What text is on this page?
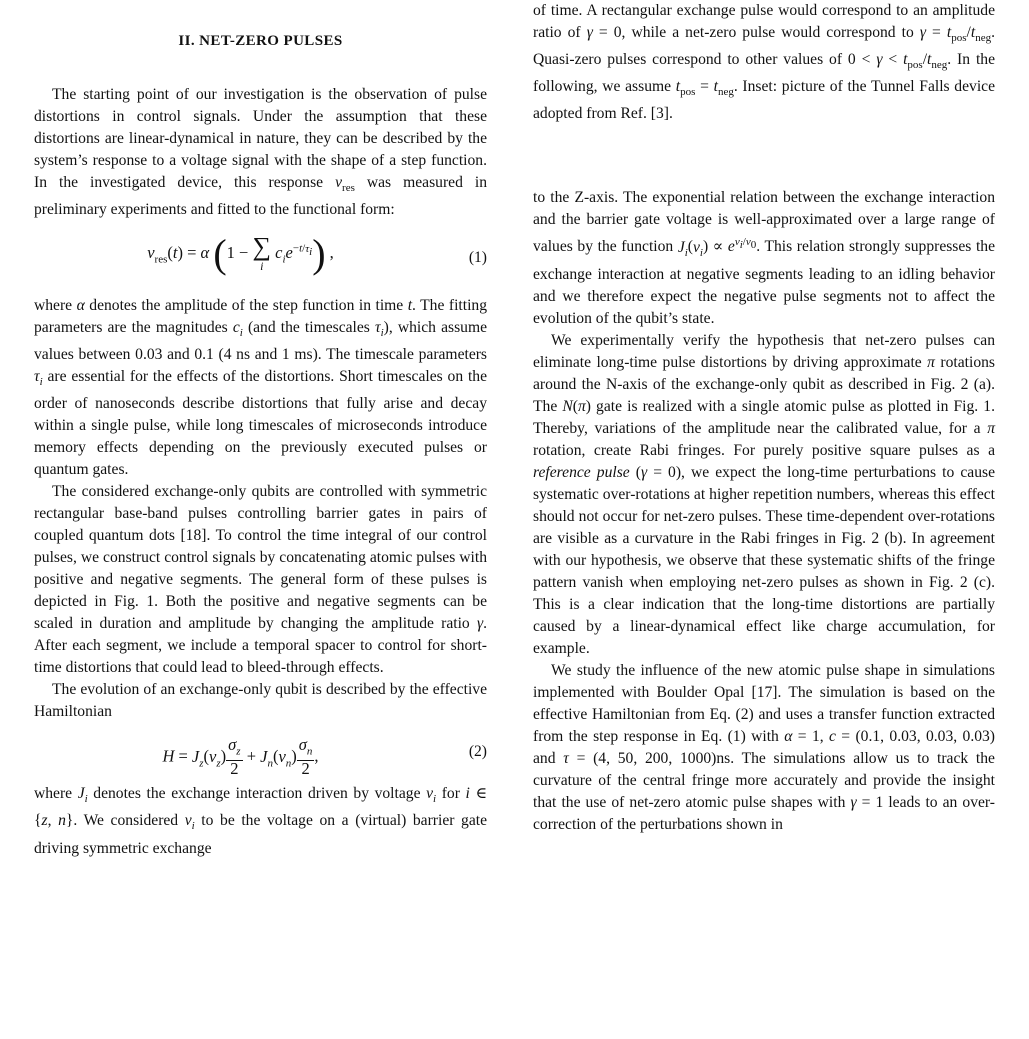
II. NET-ZERO PULSES

The starting point of our investigation is the observation of pulse distortions in control signals. Under the assumption that these distortions are linear-dynamical in nature, they can be described by the system’s response to a voltage signal with the shape of a step function. In the investigated device, this response $v_{res}$ was measured in preliminary experiments and fitted to the functional form:

$v_{res}(t) = \alpha$ (1 − ∑
i
$c_ie^{-t/\tau_i}$) ,	(1)

where α denotes the amplitude of the step function in time t. The fitting parameters are the magnitudes $c_i$ (and the timescales $\tau_i$), which assume values between 0.03 and 0.1 (4 ns and 1 ms). The timescale parameters $\tau_i$ are essential for the effects of the distortions. Short timescales on the order of nanoseconds describe distortions that fully arise and decay within a single pulse, while long timescales of microseconds introduce memory effects depending on the previously executed pulses or quantum gates.

The considered exchange-only qubits are controlled with symmetric rectangular base-band pulses controlling barrier gates in pairs of coupled quantum dots [18]. To control the time integral of our control pulses, we construct control signals by concatenating atomic pulses with positive and negative segments. The general form of these pulses is depicted in Fig. 1. Both the positive and negative segments can be scaled in duration and amplitude by changing the amplitude ratio γ. After each segment, we include a temporal spacer to control for short-time distortions that could lead to bleed-through effects.

The evolution of an exchange-only qubit is described by the effective Hamiltonian

$H = J_z(v_z) \frac{\sigma_z}{2} + J_n(v_n) \frac{\sigma_n}{2}$ ,	(2)

where $J_i$ denotes the exchange interaction driven by voltage $v_i$ for i ∈ {z, n}. We considered $v_i$ to be the voltage on a (virtual) barrier gate driving symmetric exchange

of time. A rectangular exchange pulse would correspond to an amplitude ratio of γ = 0, while a net-zero pulse would correspond to $\gamma = t_{pos}/t_{neg}$. Quasi-zero pulses correspond to other values of $0 < \gamma < t_{pos}/t_{neg}$. In the following, we assume $t_{pos} = t_{neg}$. Inset: picture of the Tunnel Falls device adopted from Ref. [3].

to the Z-axis. The exponential relation between the exchange interaction and the barrier gate voltage is well-approximated over a large range of values by the function $J_i(v_i) \propto e^{v_i/v_0}$. This relation strongly suppresses the exchange interaction at negative segments leading to an idling behavior and we therefore expect the negative pulse segments not to affect the evolution of the qubit’s state.

We experimentally verify the hypothesis that net-zero pulses can eliminate long-time pulse distortions by driving approximate π rotations around the N-axis of the exchange-only qubit as described in Fig. 2 (a). The N(π) gate is realized with a single atomic pulse as plotted in Fig. 1. Thereby, variations of the amplitude near the calibrated value, for a π rotation, create Rabi fringes. For purely positive square pulses as a reference pulse (γ = 0), we expect the long-time perturbations to cause systematic over-rotations at higher repetition numbers, whereas this effect should not occur for net-zero pulses. These time-dependent over-rotations are visible as a curvature in the Rabi fringes in Fig. 2 (b). In agreement with our hypothesis, we observe that these systematic shifts of the fringe pattern vanish when employing net-zero pulses as shown in Fig. 2 (c). This is a clear indication that the long-time distortions are partially caused by a linear-dynamical effect like charge accumulation, for example.

We study the influence of the new atomic pulse shape in simulations implemented with Boulder Opal [17]. The simulation is based on the effective Hamiltonian from Eq. (2) and uses a transfer function extracted from the step response in Eq. (1) with α = 1, c = (0.1, 0.03, 0.03, 0.03) and τ = (4, 50, 200, 1000)ns. The simulations allow us to track the curvature of the central fringe more accurately and provide the insight that the use of net-zero atomic pulse shapes with γ = 1 leads to an over-correction of the perturbations shown in
